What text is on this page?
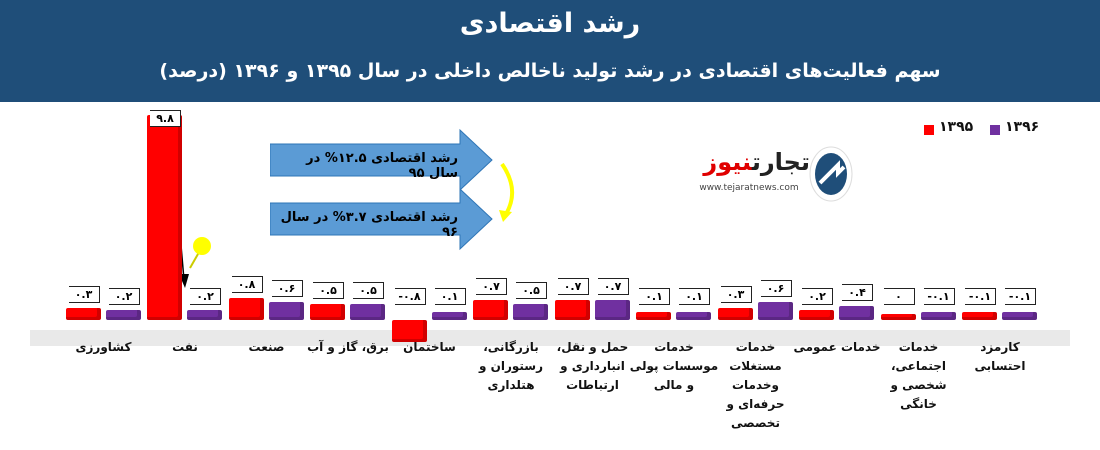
رشد اقتصادی
سهم فعالیت‌های اقتصادی در رشد تولید ناخالص داخلی در سال ۱۳۹۵ و ۱۳۹۶ (درصد)
۱۳۹۶
۱۳۹۵
تجارتنیوز
www.tejaratnews.com
رشد اقتصادی ۱۲.۵% در سال ۹۵
رشد اقتصادی ۳.۷% در سال ۹۶
-۰.۱	-۰.۱
کارمزد احتسابی
۰	-۰.۱
خدمات
اجتماعی،
شخصی و
خانگی
۰.۲	۰.۴
خدمات عمومی
۰.۳	۰.۶
خدمات
مستغلات
وخدمات
حرفه‌ای و
تخصصی
۰.۱	۰.۱
خدمات
موسسات پولی
و مالی
۰.۷	۰.۷
حمل و نقل،
انبارداری و
ارتباطات
۰.۷	۰.۵
بازرگانی،
رستوران و
هتلداری
-۰.۸	۰.۱
ساختمان
۰.۵	۰.۵
برق، گاز و آب
۰.۸	۰.۶
صنعت
۹.۸
۰.۲
نفت
۰.۳	۰.۲
کشاورزی
